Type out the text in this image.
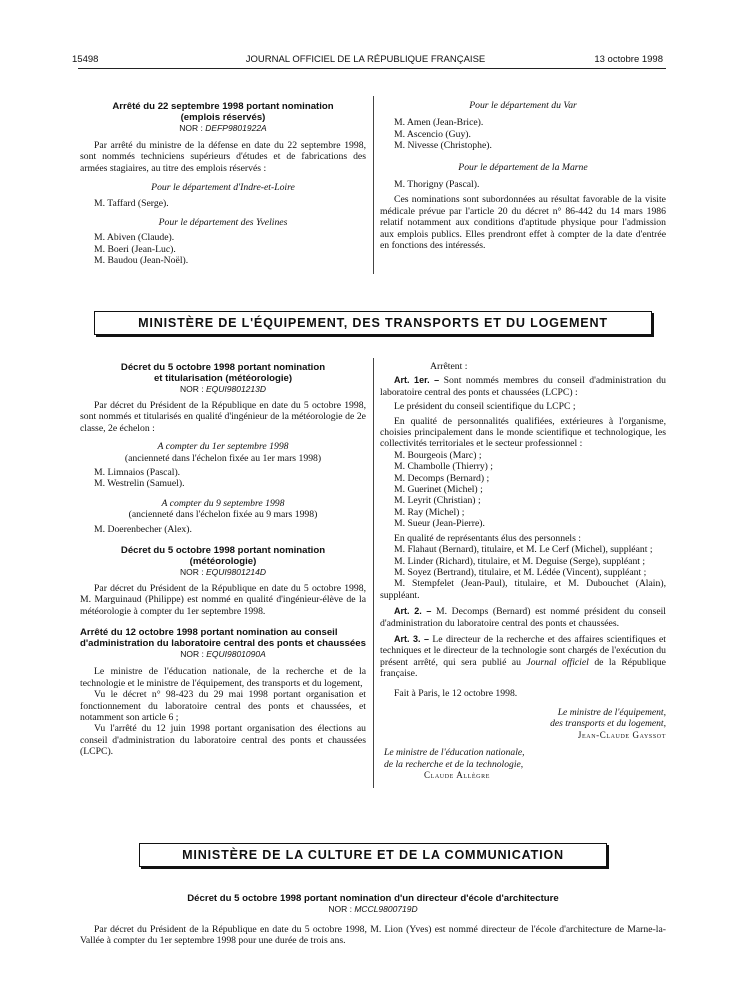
15498	JOURNAL OFFICIEL DE LA RÉPUBLIQUE FRANÇAISE	13 octobre 1998
Arrêté du 22 septembre 1998 portant nomination (emplois réservés)
NOR : DEFP9801922A
Par arrêté du ministre de la défense en date du 22 septembre 1998, sont nommés techniciens supérieurs d'études et de fabrications des armées stagiaires, au titre des emplois réservés :
Pour le département d'Indre-et-Loire
M. Taffard (Serge).
Pour le département des Yvelines
M. Abiven (Claude).
M. Boeri (Jean-Luc).
M. Baudou (Jean-Noël).
Pour le département du Var
M. Amen (Jean-Brice).
M. Ascencio (Guy).
M. Nivesse (Christophe).
Pour le département de la Marne
M. Thorigny (Pascal).
Ces nominations sont subordonnées au résultat favorable de la visite médicale prévue par l'article 20 du décret n° 86-442 du 14 mars 1986 relatif notamment aux conditions d'aptitude physique pour l'admission aux emplois publics. Elles prendront effet à compter de la date d'entrée en fonctions des intéressés.
MINISTÈRE DE L'ÉQUIPEMENT, DES TRANSPORTS ET DU LOGEMENT
Décret du 5 octobre 1998 portant nomination
et titularisation (météorologie)
NOR : EQUI9801213D
Par décret du Président de la République en date du 5 octobre 1998, sont nommés et titularisés en qualité d'ingénieur de la météorologie de 2e classe, 2e échelon :
A compter du 1er septembre 1998
(ancienneté dans l'échelon fixée au 1er mars 1998)
M. Limnaios (Pascal).
M. Westrelin (Samuel).
A compter du 9 septembre 1998
(ancienneté dans l'échelon fixée au 9 mars 1998)
M. Doerenbecher (Alex).
Décret du 5 octobre 1998 portant nomination
(météorologie)
NOR : EQUI9801214D
Par décret du Président de la République en date du 5 octobre 1998, M. Marguinaud (Philippe) est nommé en qualité d'ingénieur-élève de la météorologie à compter du 1er septembre 1998.
Arrêté du 12 octobre 1998 portant nomination au conseil d'administration du laboratoire central des ponts et chaussées
NOR : EQUI9801090A
Le ministre de l'éducation nationale, de la recherche et de la technologie et le ministre de l'équipement, des transports et du logement,
Vu le décret n° 98-423 du 29 mai 1998 portant organisation et fonctionnement du laboratoire central des ponts et chaussées, et notamment son article 6 ;
Vu l'arrêté du 12 juin 1998 portant organisation des élections au conseil d'administration du laboratoire central des ponts et chaussées (LCPC).
Arrêtent :
Art. 1er. – Sont nommés membres du conseil d'administration du laboratoire central des ponts et chaussées (LCPC) :
Le président du conseil scientifique du LCPC ;
En qualité de personnalités qualifiées, extérieures à l'organisme, choisies principalement dans le monde scientifique et technologique, les collectivités territoriales et le secteur professionnel :
M. Bourgeois (Marc) ;
M. Chambolle (Thierry) ;
M. Decomps (Bernard) ;
M. Guerinet (Michel) ;
M. Leyrit (Christian) ;
M. Ray (Michel) ;
M. Sueur (Jean-Pierre).
En qualité de représentants élus des personnels :
M. Flahaut (Bernard), titulaire, et M. Le Cerf (Michel), suppléant ;
M. Linder (Richard), titulaire, et M. Deguise (Serge), suppléant ;
M. Soyez (Bertrand), titulaire, et M. Lédée (Vincent), suppléant ;
M. Stempfelet (Jean-Paul), titulaire, et M. Dubouchet (Alain), suppléant.
Art. 2. – M. Decomps (Bernard) est nommé président du conseil d'administration du laboratoire central des ponts et chaussées.
Art. 3. – Le directeur de la recherche et des affaires scientifiques et techniques et le directeur de la technologie sont chargés de l'exécution du présent arrêté, qui sera publié au Journal officiel de la République française.
Fait à Paris, le 12 octobre 1998.
Le ministre de l'équipement,
des transports et du logement,
Jean-Claude Gayssot
Le ministre de l'éducation nationale,
de la recherche et de la technologie,
Claude Allègre
MINISTÈRE DE LA CULTURE ET DE LA COMMUNICATION
Décret du 5 octobre 1998 portant nomination d'un directeur d'école d'architecture
NOR : MCCL9800719D
Par décret du Président de la République en date du 5 octobre 1998, M. Lion (Yves) est nommé directeur de l'école d'architecture de Marne-la-Vallée à compter du 1er septembre 1998 pour une durée de trois ans.
